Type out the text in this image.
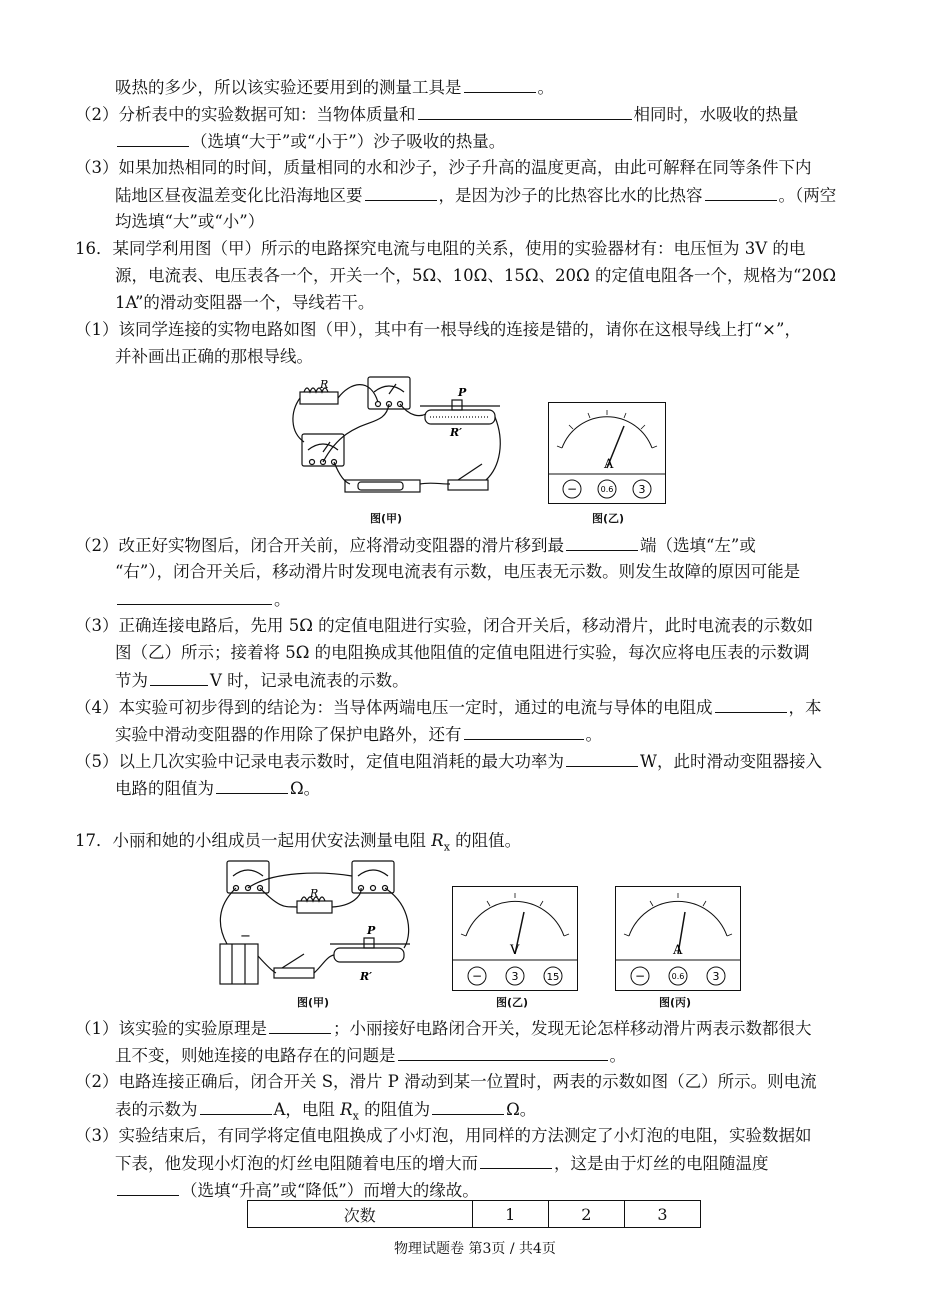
吸热的多少，所以该实验还要用到的测量工具是	。
（2）分析表中的实验数据可知：当物体质量和	相同时，水吸收的热量
（选填“大于”或“小于”）沙子吸收的热量。
（3）如果加热相同的时间，质量相同的水和沙子，沙子升高的温度更高，由此可解释在同等条件下内
陆地区昼夜温差变化比沿海地区要	，是因为沙子的比热容比水的比热容	。（两空
均选填“大”或“小”）
16．某同学利用图（甲）所示的电路探究电流与电阻的关系，使用的实验器材有：电压恒为 3V 的电
源，电流表、电压表各一个，开关一个，5Ω、10Ω、15Ω、20Ω 的定值电阻各一个，规格为“20Ω
1A”的滑动变阻器一个，导线若干。
（1）该同学连接的实物电路如图（甲），其中有一根导线的连接是错的，请你在这根导线上打“×”，
并补画出正确的那根导线。
R
P
R′
图(甲)
A
−	0.6 3
图(乙)
（2）改正好实物图后，闭合开关前，应将滑动变阻器的滑片移到最	端（选填“左”或
“右”），闭合开关后，移动滑片时发现电流表有示数，电压表无示数。则发生故障的原因可能是
。
（3）正确连接电路后，先用 5Ω 的定值电阻进行实验，闭合开关后，移动滑片，此时电流表的示数如
图（乙）所示；接着将 5Ω 的电阻换成其他阻值的定值电阻进行实验，每次应将电压表的示数调
节为	V 时，记录电流表的示数。
（4）本实验可初步得到的结论为：当导体两端电压一定时，通过的电流与导体的电阻成	，本
实验中滑动变阻器的作用除了保护电路外，还有	。
（5）以上几次实验中记录电表示数时，定值电阻消耗的最大功率为	W，此时滑动变阻器接入
电路的阻值为	Ω。
17．小丽和她的小组成员一起用伏安法测量电阻 $R_x$ 的阻值。
−
R
P
R′
图(甲)
V
−	3	15
图(乙)
A
−	0.6	3
图(丙)
（1）该实验的实验原理是	；小丽接好电路闭合开关，发现无论怎样移动滑片两表示数都很大
且不变，则她连接的电路存在的问题是	。
（2）电路连接正确后，闭合开关 S，滑片 P 滑动到某一位置时，两表的示数如图（乙）所示。则电流
表的示数为	A，电阻 $R_x$ 的阻值为	Ω。
（3）实验结束后，有同学将定值电阻换成了小灯泡，用同样的方法测定了小灯泡的电阻，实验数据如
下表，他发现小灯泡的灯丝电阻随着电压的增大而	，这是由于灯丝的电阻随温度
（选填“升高”或“降低”）而增大的缘故。
次数	1	2	3
物理试题卷 第3页 / 共4页
